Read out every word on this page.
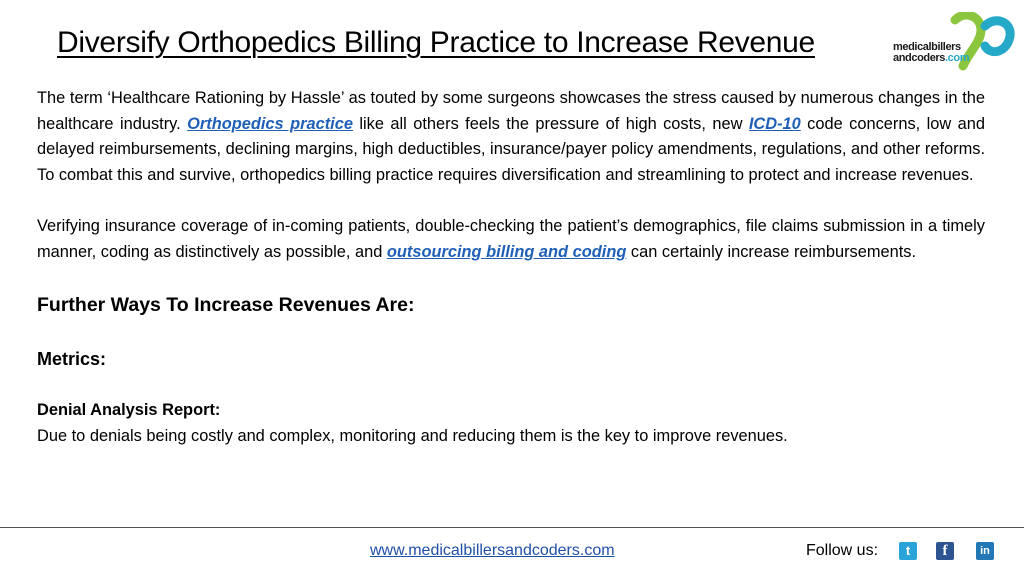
Diversify Orthopedics Billing Practice to Increase Revenue	medicalbillers
andcoders.com

The term ‘Healthcare Rationing by Hassle’ as touted by some surgeons showcases the stress caused by numerous changes in the healthcare industry. Orthopedics practice like all others feels the pressure of high costs, new ICD-10 code concerns, low and delayed reimbursements, declining margins, high deductibles, insurance/payer policy amendments, regulations, and other reforms. To combat this and survive, orthopedics billing practice requires diversification and streamlining to protect and increase revenues.

Verifying insurance coverage of in-coming patients, double-checking the patient’s demographics, file claims submission in a timely manner, coding as distinctively as possible, and outsourcing billing and coding can certainly increase reimbursements.

Further Ways To Increase Revenues Are:

Metrics:

Denial Analysis Report:

Due to denials being costly and complex, monitoring and reducing them is the key to improve revenues.

www.medicalbillersandcoders.com	Follow us:	t	f	in
